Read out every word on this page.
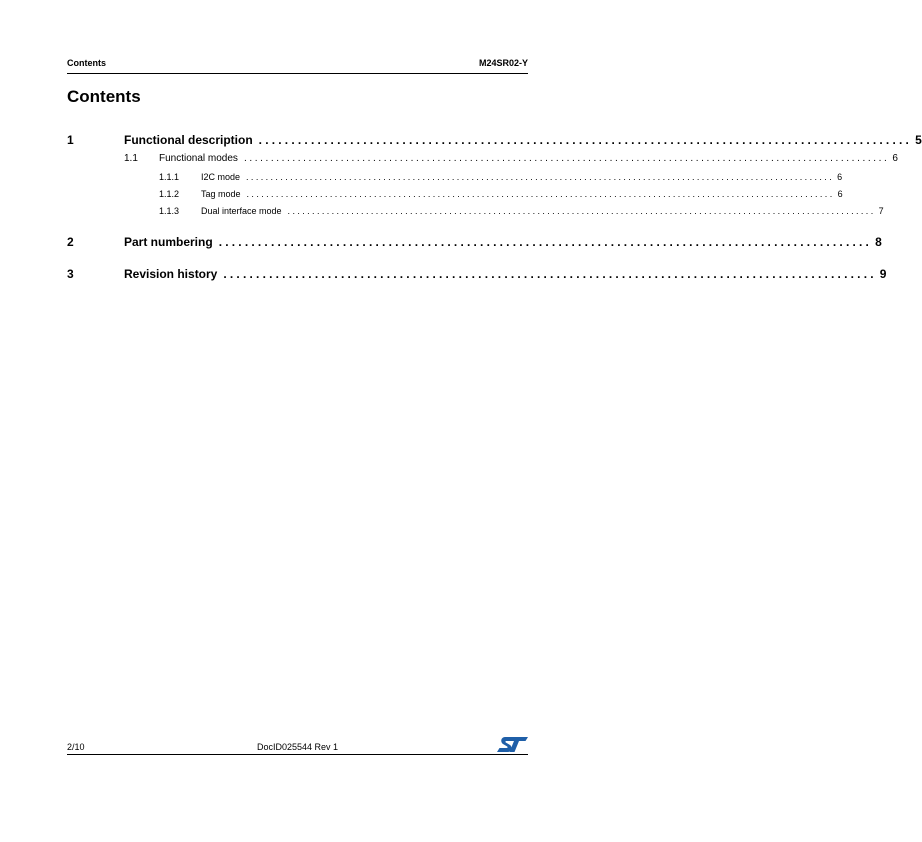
Contents	M24SR02-Y
Contents
1	Functional description .................................................................................................... 5
1.1	Functional modes ........................................................................................................................ 6
1.1.1	I2C mode ........................................................................................................................ 6
1.1.2	Tag mode ........................................................................................................................ 6
1.1.3	Dual interface mode ........................................................................................................................ 7
2	Part numbering .................................................................................................... 8
3	Revision history .................................................................................................... 9
2/10	DocID025544 Rev 1
